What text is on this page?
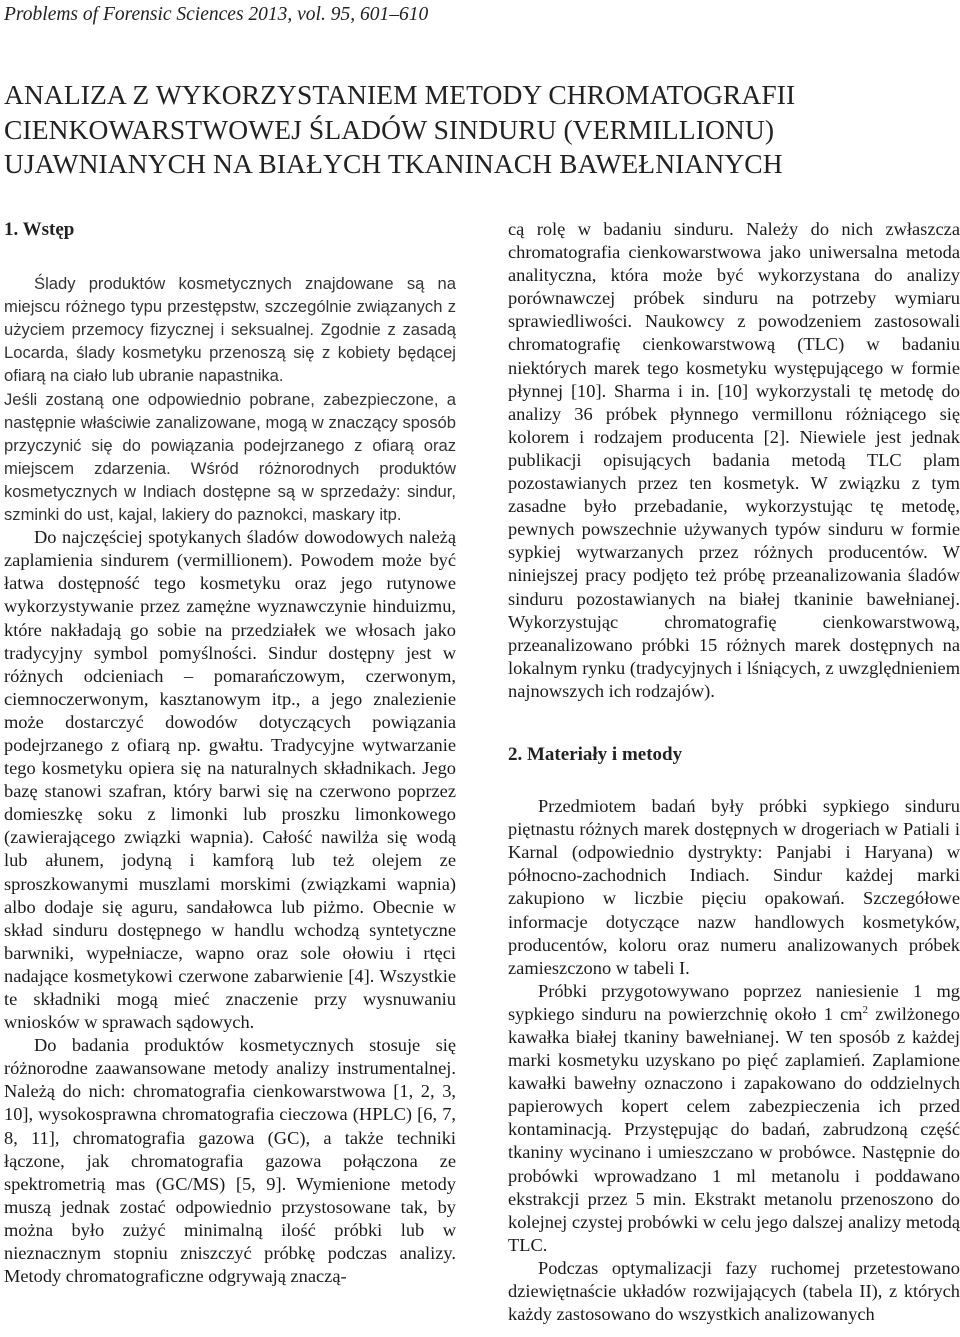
Problems of Forensic Sciences 2013, vol. 95, 601–610
ANALIZA Z WYKORZYSTANIEM METODY CHROMATOGRAFII
CIENKOWARSTWOWEJ ŚLADÓW SINDURU (VERMILLIONU)
UJAWNIANYCH NA BIAŁYCH TKANINACH BAWEŁNIANYCH

1. Wstęp

Ślady produktów kosmetycznych znajdowane są na miejscu różnego typu przestępstw, szczególnie związanych z użyciem przemocy fizycznej i seksualnej. Zgodnie z zasadą Locarda, ślady kosmetyku przenoszą się z kobiety będącej ofiarą na ciało lub ubranie napastnika.

Jeśli zostaną one odpowiednio pobrane, zabezpieczone, a następnie właściwie zanalizowane, mogą w znaczący sposób przyczynić się do powiązania podejrzanego z ofiarą oraz miejscem zdarzenia. Wśród różnorodnych produktów kosmetycznych w Indiach dostępne są w sprzedaży: sindur, szminki do ust, kajal, lakiery do paznokci, maskary itp.

Do najczęściej spotykanych śladów dowodowych należą zaplamienia sindurem (vermillionem). Powodem może być łatwa dostępność tego kosmetyku oraz jego rutynowe wykorzystywanie przez zamężne wyznawczynie hinduizmu, które nakładają go sobie na przedziałek we włosach jako tradycyjny symbol pomyślności. Sindur dostępny jest w różnych odcieniach – pomarańczowym, czerwonym, ciemnoczerwonym, kasztanowym itp., a jego znalezienie może dostarczyć dowodów dotyczących powiązania podejrzanego z ofiarą np. gwałtu. Tradycyjne wytwarzanie tego kosmetyku opiera się na naturalnych składnikach. Jego bazę stanowi szafran, który barwi się na czerwono poprzez domieszkę soku z limonki lub proszku limonkowego (zawierającego związki wapnia). Całość nawilża się wodą lub ałunem, jodyną i kamforą lub też olejem ze sproszkowanymi muszlami morskimi (związkami wapnia) albo dodaje się aguru, sandałowca lub piżmo. Obecnie w skład sinduru dostępnego w handlu wchodzą syntetyczne barwniki, wypełniacze, wapno oraz sole ołowiu i rtęci nadające kosmetykowi czerwone zabarwienie [4]. Wszystkie te składniki mogą mieć znaczenie przy wysnuwaniu wniosków w sprawach sądowych.

Do badania produktów kosmetycznych stosuje się różnorodne zaawansowane metody analizy instrumentalnej. Należą do nich: chromatografia cienkowarstwowa [1, 2, 3, 10], wysokosprawna chromatografia cieczowa (HPLC) [6, 7, 8, 11], chromatografia gazowa (GC), a także techniki łączone, jak chromatografia gazowa połączona ze spektrometrią mas (GC/MS) [5, 9]. Wymienione metody muszą jednak zostać odpowiednio przystosowane tak, by można było zużyć minimalną ilość próbki lub w nieznacznym stopniu zniszczyć próbkę podczas analizy. Metody chromatograficzne odgrywają znaczą-

cą rolę w badaniu sinduru. Należy do nich zwłaszcza chromatografia cienkowarstwowa jako uniwersalna metoda analityczna, która może być wykorzystana do analizy porównawczej próbek sinduru na potrzeby wymiaru sprawiedliwości. Naukowcy z powodzeniem zastosowali chromatografię cienkowarstwową (TLC) w badaniu niektórych marek tego kosmetyku występującego w formie płynnej [10]. Sharma i in. [10] wykorzystali tę metodę do analizy 36 próbek płynnego vermillonu różniącego się kolorem i rodzajem producenta [2]. Niewiele jest jednak publikacji opisujących badania metodą TLC plam pozostawianych przez ten kosmetyk. W związku z tym zasadne było przebadanie, wykorzystując tę metodę, pewnych powszechnie używanych typów sinduru w formie sypkiej wytwarzanych przez różnych producentów. W niniejszej pracy podjęto też próbę przeanalizowania śladów sinduru pozostawianych na białej tkaninie bawełnianej. Wykorzystując chromatografię cienkowarstwową, przeanalizowano próbki 15 różnych marek dostępnych na lokalnym rynku (tradycyjnych i lśniących, z uwzględnieniem najnowszych ich rodzajów).

2. Materiały i metody

Przedmiotem badań były próbki sypkiego sinduru piętnastu różnych marek dostępnych w drogeriach w Patiali i Karnal (odpowiednio dystrykty: Panjabi i Haryana) w północno-zachodnich Indiach. Sindur każdej marki zakupiono w liczbie pięciu opakowań. Szczegółowe informacje dotyczące nazw handlowych kosmetyków, producentów, koloru oraz numeru analizowanych próbek zamieszczono w tabeli I.

Próbki przygotowywano poprzez naniesienie 1 mg sypkiego sinduru na powierzchnię około 1 $cm^2$ zwilżonego kawałka białej tkaniny bawełnianej. W ten sposób z każdej marki kosmetyku uzyskano po pięć zaplamień. Zaplamione kawałki bawełny oznaczono i zapakowano do oddzielnych papierowych kopert celem zabezpieczenia ich przed kontaminacją. Przystępując do badań, zabrudzoną część tkaniny wycinano i umieszczano w probówce. Następnie do probówki wprowadzano 1 ml metanolu i poddawano ekstrakcji przez 5 min. Ekstrakt metanolu przenoszono do kolejnej czystej probówki w celu jego dalszej analizy metodą TLC.

Podczas optymalizacji fazy ruchomej przetestowano dziewiętnaście układów rozwijających (tabela II), z których każdy zastosowano do wszystkich analizowanych
